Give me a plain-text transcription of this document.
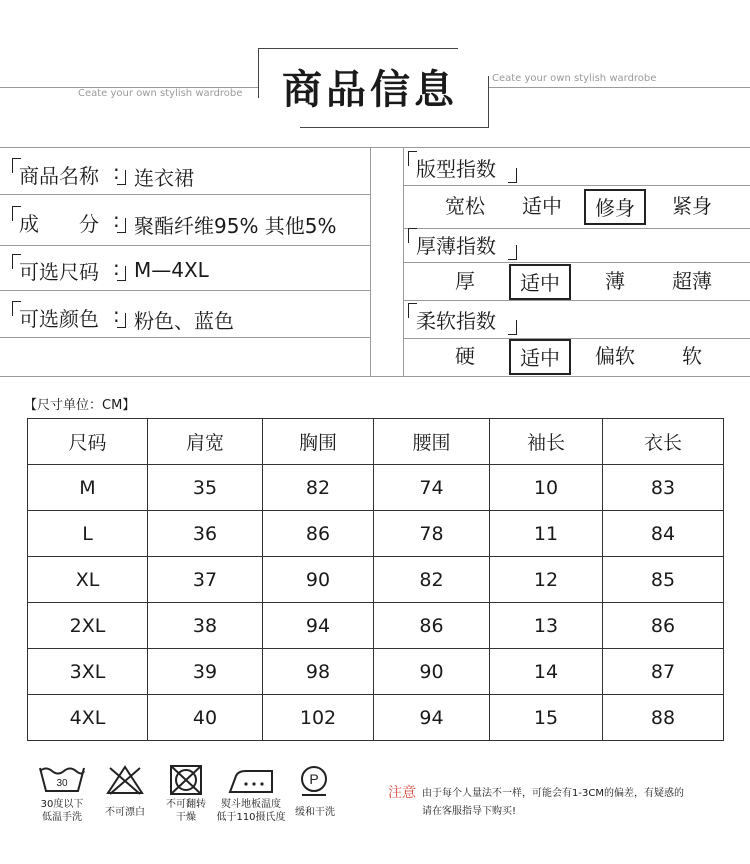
Ceate your own stylish wardrobe
Ceate your own stylish wardrobe
商品信息
商品名称 : 连衣裙
成　　分 : 聚酯纤维95% 其他5%
可选尺码 : M—4XL
可选颜色 : 粉色、蓝色
版型指数
宽松	适中	修身	紧身
厚薄指数
厚	适中	薄	超薄
柔软指数
硬	适中	偏软	软
【尺寸单位：CM】
尺码	肩宽	胸围	腰围	袖长	衣长
M	35	82	74	10	83
L	36	86	78	11	84
XL	37	90	82	12	85
2XL	38	94	86	13	86
3XL	39	98	90	14	87
4XL	40	102	94	15	88
30
30度以下
低温手洗	不可漂白
不可翻转
干燥
熨斗地板温度
低于110摄氏度
P
缓和干洗
注意 由于每个人量法不一样，可能会有1-3CM的偏差，有疑惑的
请在客服指导下购买!
